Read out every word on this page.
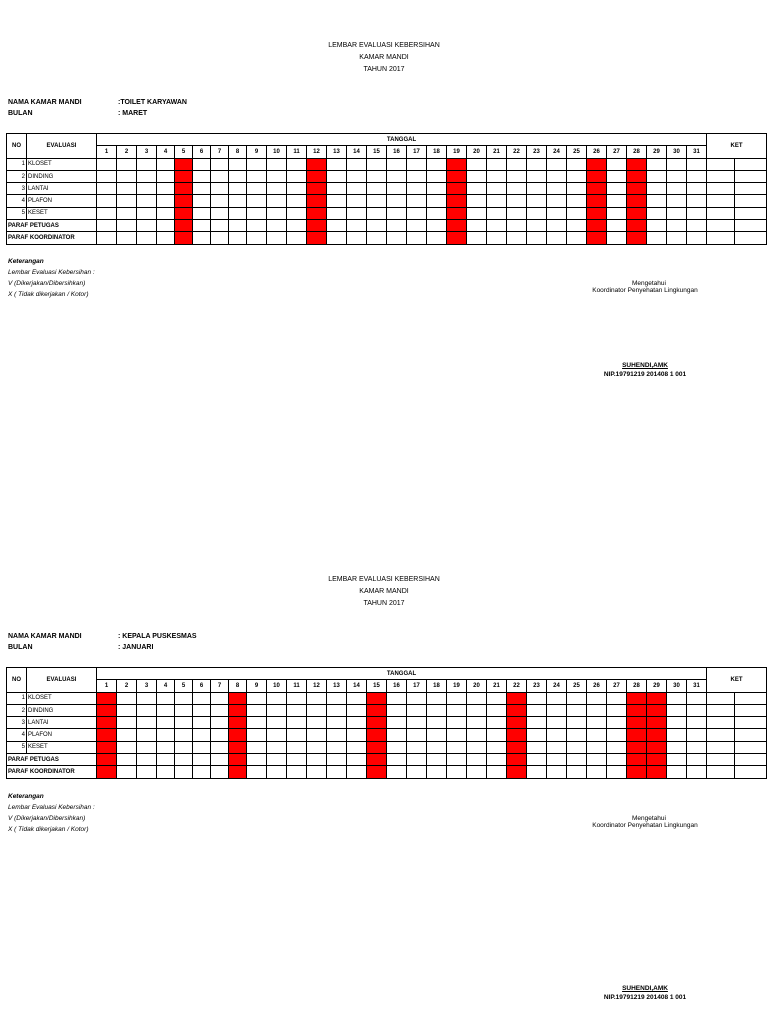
LEMBAR EVALUASI KEBERSIHAN
KAMAR MANDI
TAHUN 2017
NAMA KAMAR MANDI	:TOILET KARYAWAN
BULAN	: MARET
NO	EVALUASI	TANGGAL																															KET	
		1	2	3	4	5	6	7	8	9	10	11	12	13	14	15	16	17	18	19	20	21	22	23	24	25	26	27	28	29	30	31		
1	KLOSET																																	
2	DINDING																																	
3	LANTAI																																	
4	PLAFON																																	
5	KESET																																	
PARAF PETUGAS																																		
PARAF KOORDINATOR																																		
Keterangan
Lembar Evaluasi Kebersihan :
V (Dikerjakan/Dibersihkan)
X ( Tidak dikerjakan / Kotor)
Mengetahui
Koordinator Penyehatan Lingkungan
SUHENDI,AMK
NIP.19791219 201408 1 001
LEMBAR EVALUASI KEBERSIHAN
KAMAR MANDI
TAHUN 2017
NAMA KAMAR MANDI	: KEPALA PUSKESMAS
BULAN	: JANUARI
NO	EVALUASI	TANGGAL																															KET	
		1	2	3	4	5	6	7	8	9	10	11	12	13	14	15	16	17	18	19	20	21	22	23	24	25	26	27	28	29	30	31		
1	KLOSET																																	
2	DINDING																																	
3	LANTAI																																	
4	PLAFON																																	
5	KESET																																	
PARAF PETUGAS																																		
PARAF KOORDINATOR																																		
Keterangan
Lembar Evaluasi Kebersihan :
V (Dikerjakan/Dibersihkan)
X ( Tidak dikerjakan / Kotor)
Mengetahui
Koordinator Penyehatan Lingkungan
SUHENDI,AMK
NIP.19791219 201408 1 001
